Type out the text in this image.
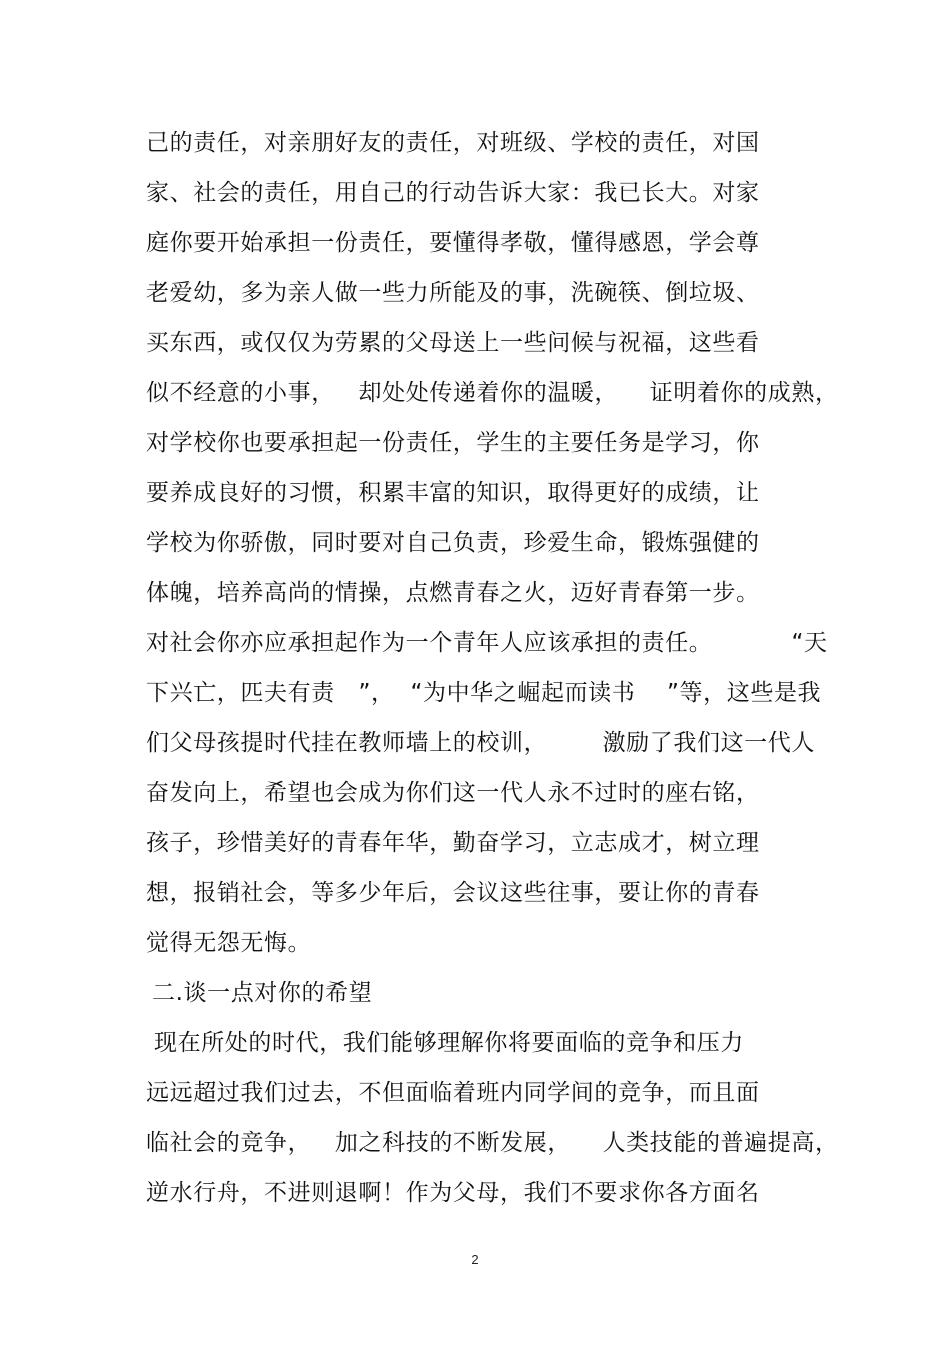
己的责任，对亲朋好友的责任，对班级、学校的责任，对国
家、社会的责任，用自己的行动告诉大家：我已长大。对家
庭你要开始承担一份责任，要懂得孝敬，懂得感恩，学会尊
老爱幼，多为亲人做一些力所能及的事，洗碗筷、倒垃圾、
买东西，或仅仅为劳累的父母送上一些问候与祝福，这些看
似不经意的小事，   却处处传递着你的温暖，    证明着你的成熟，
对学校你也要承担起一份责任，学生的主要任务是学习，你
要养成良好的习惯，积累丰富的知识，取得更好的成绩，让
学校为你骄傲，同时要对自己负责，珍爱生命，锻炼强健的
体魄，培养高尚的情操，点燃青春之火，迈好青春第一步。
对社会你亦应承担起作为一个青年人应该承担的责任。          “天
下兴亡，匹夫有责   ”，  “为中华之崛起而读书    ”等，这些是我
们父母孩提时代挂在教师墙上的校训，       激励了我们这一代人
奋发向上，希望也会成为你们这一代人永不过时的座右铭，
孩子，珍惜美好的青春年华，勤奋学习，立志成才，树立理
想，报销社会，等多少年后，会议这些往事，要让你的青春
觉得无怨无悔。
二.谈一点对你的希望
现在所处的时代，我们能够理解你将要面临的竞争和压力
远远超过我们过去，不但面临着班内同学间的竞争，而且面
临社会的竞争，   加之科技的不断发展，    人类技能的普遍提高，
逆水行舟，不进则退啊！作为父母，我们不要求你各方面名
2
